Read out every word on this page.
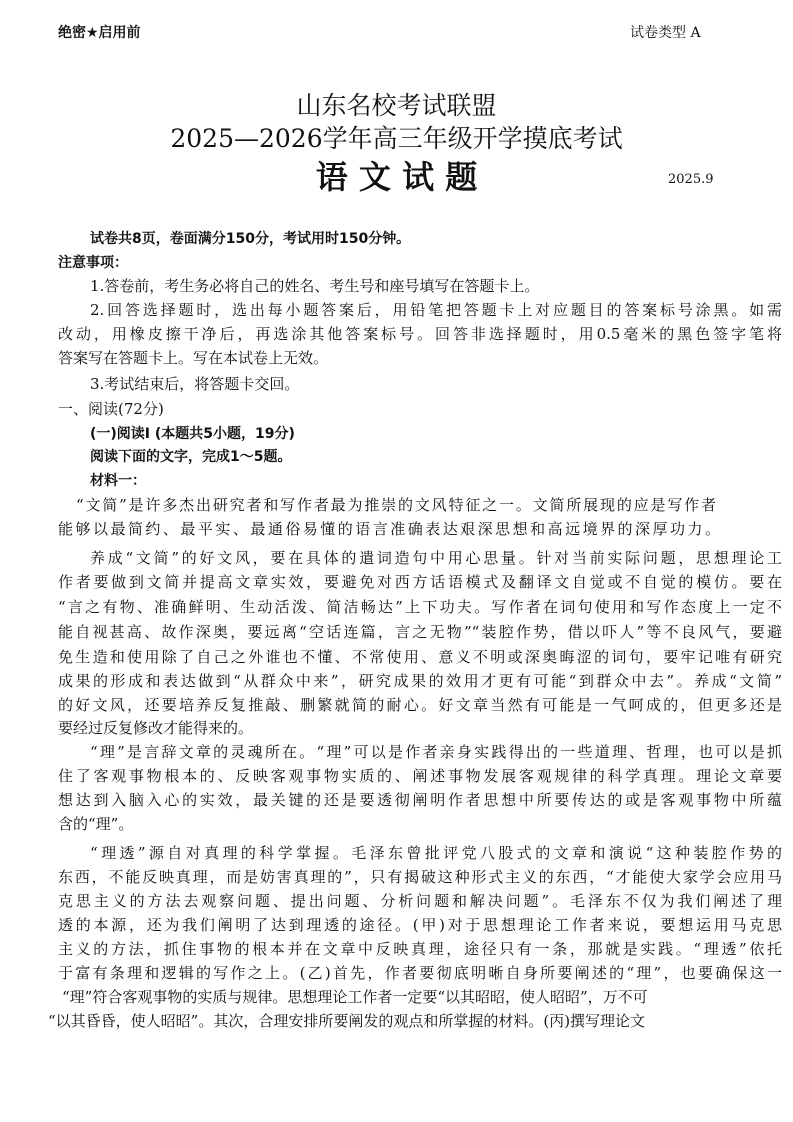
绝密★启用前	试卷类型 A
山东名校考试联盟
2025—2026学年高三年级开学摸底考试
语 文 试 题	2025.9
试卷共8页，卷面满分150分，考试用时150分钟。
注意事项：
1.答卷前，考生务必将自己的姓名、考生号和座号填写在答题卡上。
2.回答选择题时，选出每小题答案后，用铅笔把答题卡上对应题目的答案标号涂黑。如需
改动，用橡皮擦干净后，再选涂其他答案标号。回答非选择题时，用0.5毫米的黑色签字笔将
答案写在答题卡上。写在本试卷上无效。
3.考试结束后，将答题卡交回。
一、阅读(72分)
(一)阅读I (本题共5小题，19分)
阅读下面的文字，完成1～5题。
材料一：
“文简”是许多杰出研究者和写作者最为推崇的文风特征之一。文简所展现的应是写作者
能够以最简约、最平实、最通俗易懂的语言准确表达艰深思想和高远境界的深厚功力。
养成“文简”的好文风，要在具体的遣词造句中用心思量。针对当前实际问题，思想理论工
作者要做到文简并提高文章实效，要避免对西方话语模式及翻译文自觉或不自觉的模仿。要在
“言之有物、准确鲜明、生动活泼、简洁畅达”上下功夫。写作者在词句使用和写作态度上一定不
能自视甚高、故作深奥，要远离“空话连篇，言之无物”“装腔作势，借以吓人”等不良风气，要避
免生造和使用除了自己之外谁也不懂、不常使用、意义不明或深奥晦涩的词句，要牢记唯有研究
成果的形成和表达做到“从群众中来”，研究成果的效用才更有可能“到群众中去”。养成“文简”
的好文风，还要培养反复推敲、删繁就简的耐心。好文章当然有可能是一气呵成的，但更多还是
要经过反复修改才能得来的。
“理”是言辞文章的灵魂所在。“理”可以是作者亲身实践得出的一些道理、哲理，也可以是抓
住了客观事物根本的、反映客观事物实质的、阐述事物发展客观规律的科学真理。理论文章要
想达到入脑入心的实效，最关键的还是要透彻阐明作者思想中所要传达的或是客观事物中所蕴
含的“理”。
“理透”源自对真理的科学掌握。毛泽东曾批评党八股式的文章和演说“这种装腔作势的
东西，不能反映真理，而是妨害真理的”，只有揭破这种形式主义的东西，“才能使大家学会应用马
克思主义的方法去观察问题、提出问题、分析问题和解决问题”。毛泽东不仅为我们阐述了理
透的本源，还为我们阐明了达到理透的途径。(甲)对于思想理论工作者来说，要想运用马克思
主义的方法，抓住事物的根本并在文章中反映真理，途径只有一条，那就是实践。“理透”依托
于富有条理和逻辑的写作之上。(乙)首先，作者要彻底明晰自身所要阐述的“理”，也要确保这一
“理”符合客观事物的实质与规律。思想理论工作者一定要“以其昭昭，使人昭昭”，万不可
“以其昏昏，使人昭昭”。其次，合理安排所要阐发的观点和所掌握的材料。(丙)撰写理论文
